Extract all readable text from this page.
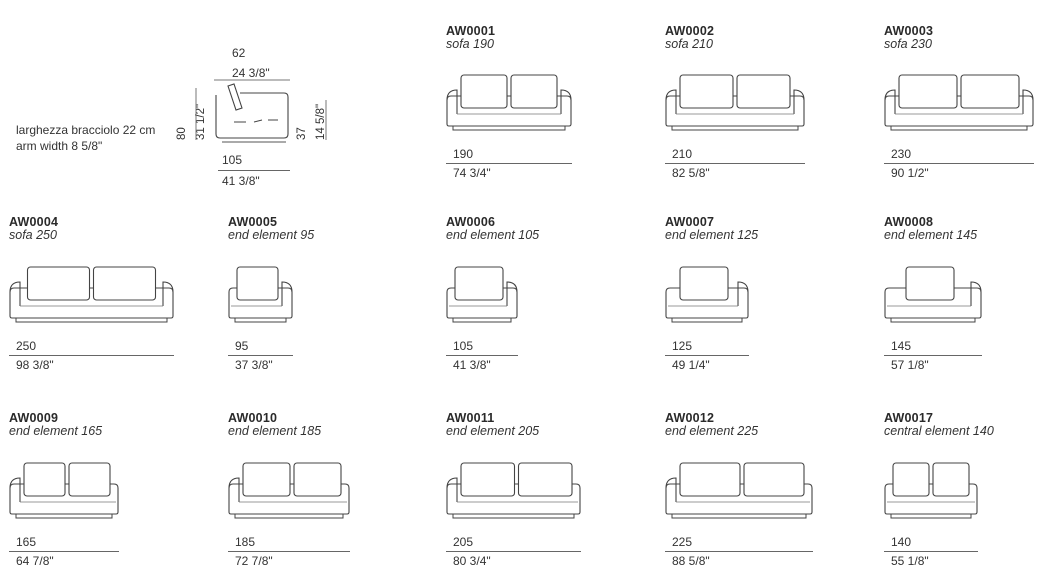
larghezza bracciolo 22 cm
arm width 8 5/8"
62
24 3/8"
80 31 1/2"	37 14 5/8"
105
41 3/8"
AW0001
sofa 190
190
74 3/4"
AW0002
sofa 210
210
82 5/8"
AW0003
sofa 230
230
90 1/2"
AW0004
sofa 250
250
98 3/8"
AW0005
end element 95
95
37 3/8"
AW0006
end element 105
105
41 3/8"
AW0007
end element 125
125
49 1/4"
AW0008
end element 145
145
57 1/8"
AW0009
end element 165
165
64 7/8"
AW0010
end element 185
185
72 7/8"
AW0011
end element 205
205
80 3/4"
AW0012
end element 225
225
88 5/8"
AW0017
central element 140
140
55 1/8"
